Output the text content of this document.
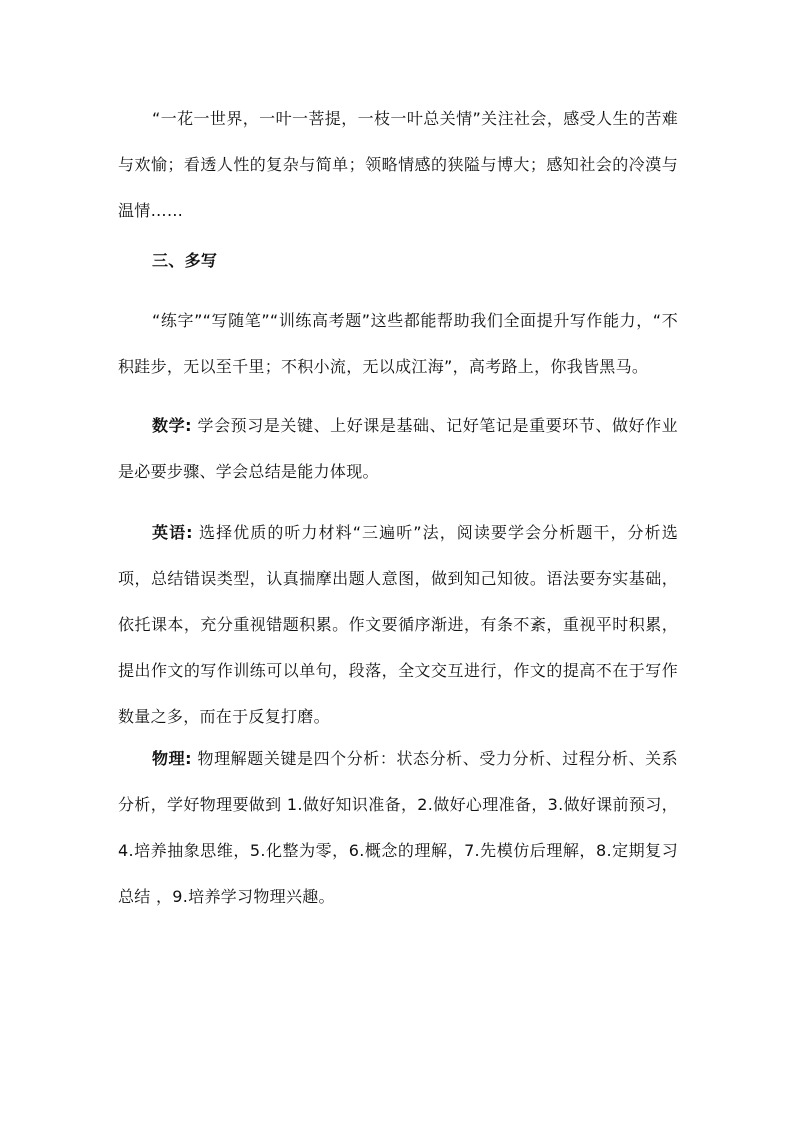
“一花一世界，一叶一菩提，一枝一叶总关情”关注社会，感受人生的苦难与欢愉；看透人性的复杂与简单；领略情感的狭隘与博大；感知社会的冷漠与温情……

三、多写

“练字”“写随笔”“训练高考题”这些都能帮助我们全面提升写作能力，“不积跬步，无以至千里；不积小流，无以成江海”，高考路上，你我皆黑马。

数学: 学会预习是关键、上好课是基础、记好笔记是重要环节、做好作业是必要步骤、学会总结是能力体现。

英语: 选择优质的听力材料“三遍听”法，阅读要学会分析题干，分析选项，总结错误类型，认真揣摩出题人意图，做到知己知彼。语法要夯实基础，依托课本，充分重视错题积累。作文要循序渐进，有条不紊，重视平时积累，提出作文的写作训练可以单句，段落，全文交互进行，作文的提高不在于写作数量之多，而在于反复打磨。

物理: 物理解题关键是四个分析：状态分析、受力分析、过程分析、关系分析，学好物理要做到 1.做好知识准备，2.做好心理准备，3.做好课前预习，4.培养抽象思维，5.化整为零，6.概念的理解，7.先模仿后理解，8.定期复习总结 ，9.培养学习物理兴趣。
